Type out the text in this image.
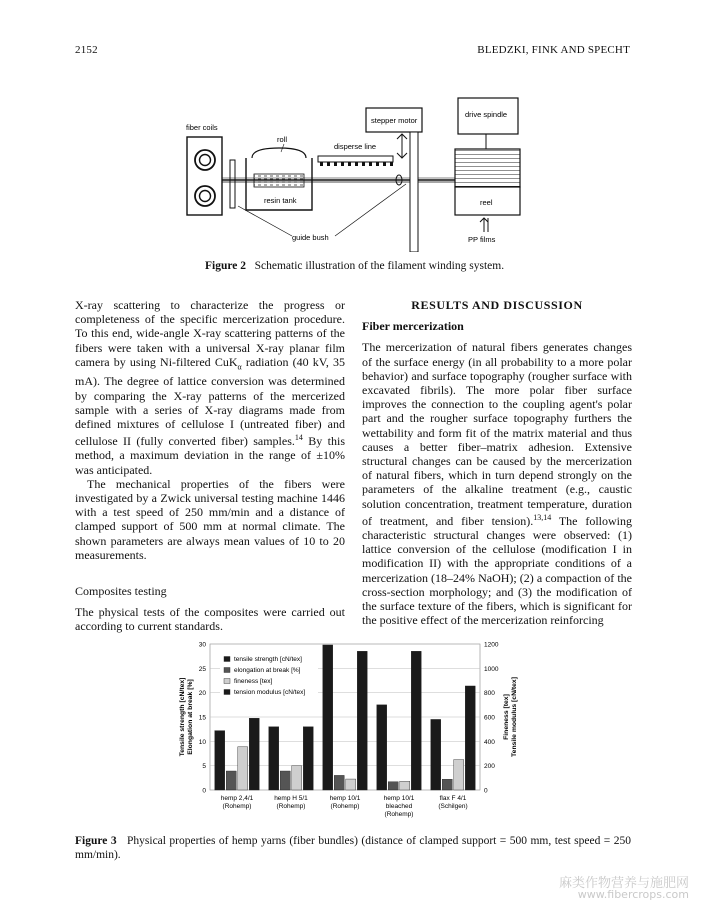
2152	BLEDZKI, FINK AND SPECHT
fiber coils
roll
resin tank
disperse line
stepper motor
drive spindle
reel
PP films
guide bush
Figure 2 Schematic illustration of the filament winding system.

X-ray scattering to characterize the progress or completeness of the specific mercerization procedure. To this end, wide-angle X-ray scattering patterns of the fibers were taken with a universal X-ray planar film camera by using Ni-filtered CuK$_\alpha$ radiation (40 kV, 35 mA). The degree of lattice conversion was determined by comparing the X-ray patterns of the mercerized sample with a series of X-ray diagrams made from defined mixtures of cellulose I (untreated fiber) and cellulose II (fully converted fiber) samples.$^{14}$ By this method, a maximum deviation in the range of ±10% was anticipated.

The mechanical properties of the fibers were investigated by a Zwick universal testing machine 1446 with a test speed of 250 mm/min and a distance of clamped support of 500 mm at normal climate. The shown parameters are always mean values of 10 to 20 measurements.

Composites testing

The physical tests of the composites were carried out according to current standards.

RESULTS AND DISCUSSION

Fiber mercerization

The mercerization of natural fibers generates changes of the surface energy (in all probability to a more polar behavior) and surface topography (rougher surface with excavated fibrils). The more polar fiber surface improves the connection to the coupling agent's polar part and the rougher surface topography furthers the wettability and form fit of the matrix material and thus causes a better fiber–matrix adhesion. Extensive structural changes can be caused by the mercerization of natural fibers, which in turn depend strongly on the parameters of the alkaline treatment (e.g., caustic solution concentration, treatment temperature, duration of treatment, and fiber tension).$^{13,14}$ The following characteristic structural changes were observed: (1) lattice conversion of the cellulose (modification I in modification II) with the appropriate conditions of a mercerization (18–24% NaOH); (2) a compaction of the cross-section morphology; and (3) the modification of the surface texture of the fibers, which is significant for the positive effect of the mercerization reinforcing

0
5
10
15
20
25
30
0
200
400
600
800
1000
1200
hemp 2,4/1
(Rohemp)
hemp H 5/1
(Rohemp)
hemp 10/1
(Rohemp)
hemp 10/1
bleached
(Rohemp)
flax F 4/1
(Schilgen)
Tensile strength [cN/tex] Elongation at break [%]	Fineness [tex] Tensile modulus [cN/tex]
tensile strength [cN/tex]
elongation at break [%]
fineness [tex]
tension modulus [cN/tex]
Figure 3 Physical properties of hemp yarns (fiber bundles) (distance of clamped support = 500 mm, test speed = 250 mm/min).
麻类作物营养与施肥网
www.fibercrops.com
